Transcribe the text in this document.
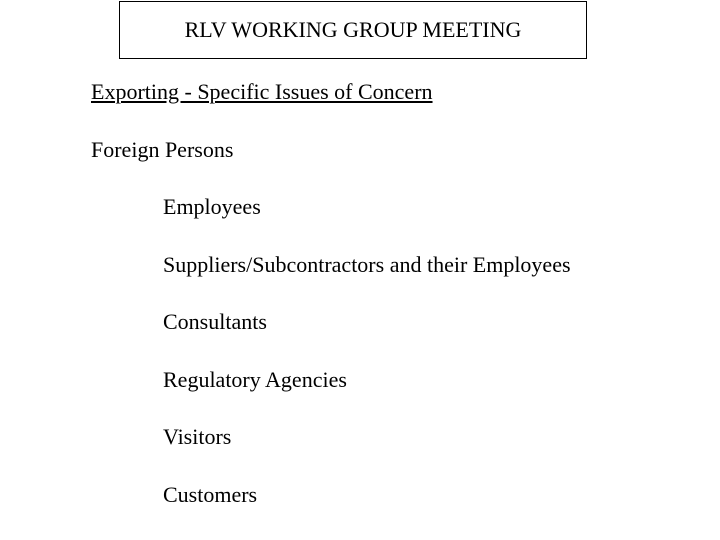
RLV WORKING GROUP MEETING
Exporting - Specific Issues of Concern
Foreign Persons
Employees
Suppliers/Subcontractors and their Employees
Consultants
Regulatory Agencies
Visitors
Customers
